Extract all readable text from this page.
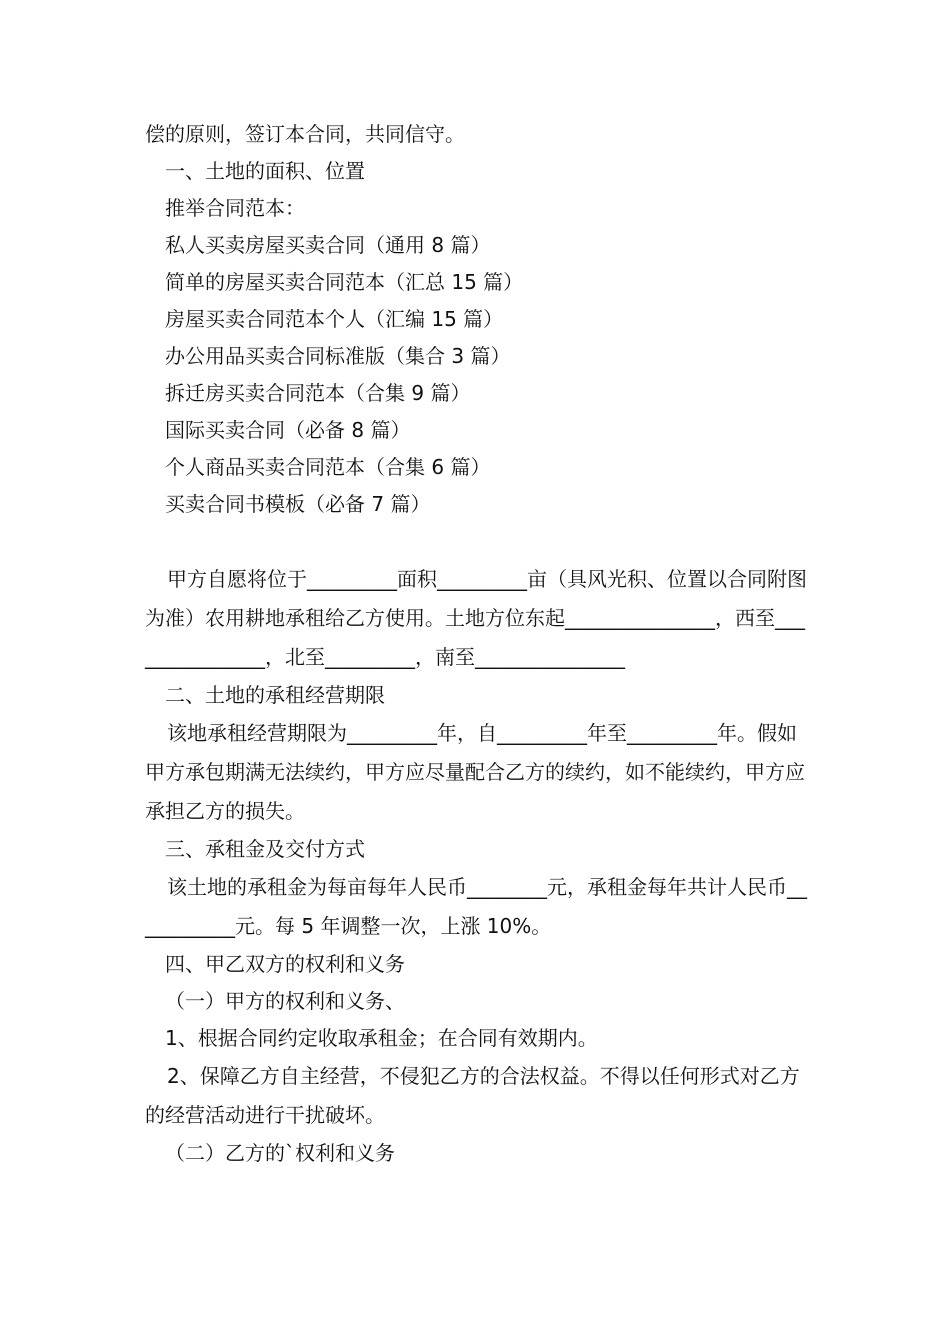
偿的原则，签订本合同，共同信守。
一、土地的面积、位置
推举合同范本：
私人买卖房屋买卖合同（通用 8 篇）
简单的房屋买卖合同范本（汇总 15 篇）
房屋买卖合同范本个人（汇编 15 篇）
办公用品买卖合同标准版（集合 3 篇）
拆迁房买卖合同范本（合集 9 篇）
国际买卖合同（必备 8 篇）
个人商品买卖合同范本（合集 6 篇）
买卖合同书模板（必备 7 篇）
甲方自愿将位于_________面积_________亩（具风光积、位置以合同附图为准）农用耕地承租给乙方使用。土地方位东起_______________，西至_______________，北至_________，南至_______________
二、土地的承租经营期限
该地承租经营期限为_________年，自_________年至_________年。假如甲方承包期满无法续约，甲方应尽量配合乙方的续约，如不能续约，甲方应承担乙方的损失。
三、承租金及交付方式
该土地的承租金为每亩每年人民币________元，承租金每年共计人民币___________元。每 5 年调整一次，上涨 10%。
四、甲乙双方的权利和义务
（一）甲方的权利和义务、
1、根据合同约定收取承租金；在合同有效期内。
2、保障乙方自主经营，不侵犯乙方的合法权益。不得以任何形式对乙方的经营活动进行干扰破坏。
（二）乙方的`权利和义务
